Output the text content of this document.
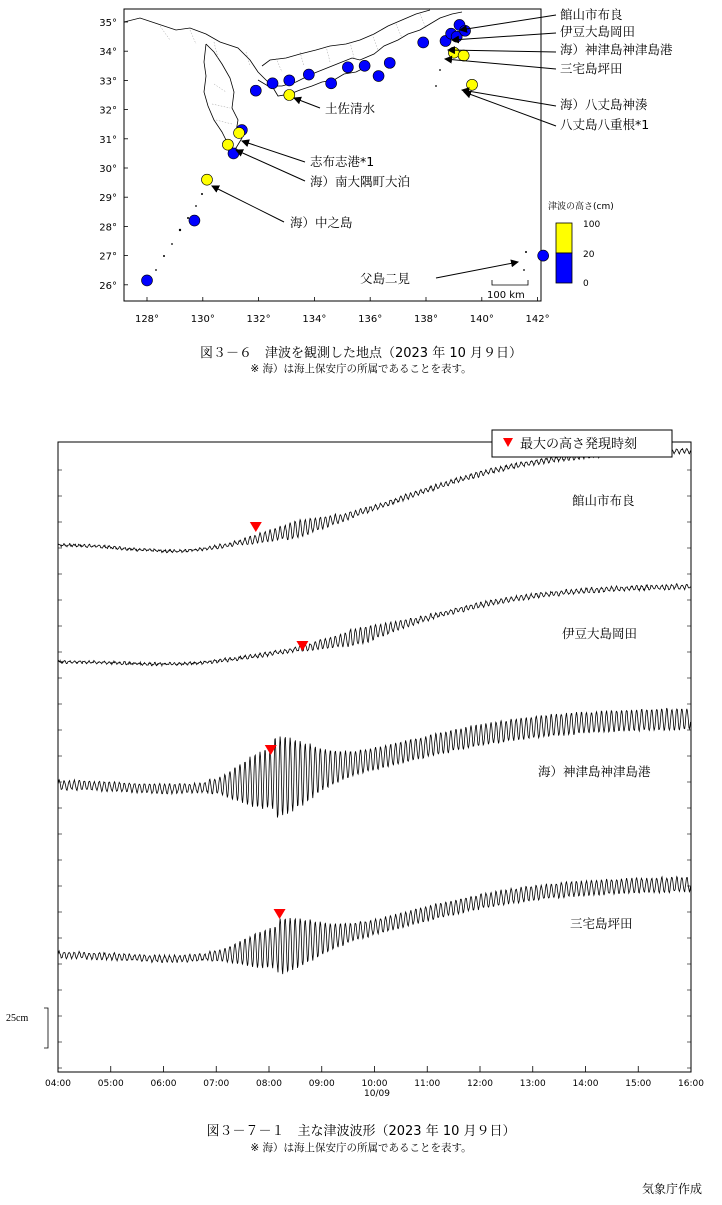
128°	130°	132°	134°	136°	138°	140°	142°
35°
34°
33°
32°
31°
30°
29°
28°
27°
26°
館山市布良
伊豆大島岡田
海）神津島神津島港
三宅島坪田
土佐清水	海）八丈島神湊
八丈島八重根*1
志布志港*1
海）南大隅町大泊
海）中之島
父島二見
津波の高さ(cm)
100
20
0
100 km
04:00	05:00	06:00	07:00	08:00	09:00	10:00	11:00	12:00	13:00	14:00	15:00	16:00
館山市布良
伊豆大島岡田
海）神津島神津島港
三宅島坪田
最大の高さ発現時刻
25cm
10/09
図３－６　津波を観測した地点（2023 年 10 月９日）
※ 海）は海上保安庁の所属であることを表す。
図３－７－１　主な津波波形（2023 年 10 月９日）
※ 海）は海上保安庁の所属であることを表す。
気象庁作成
